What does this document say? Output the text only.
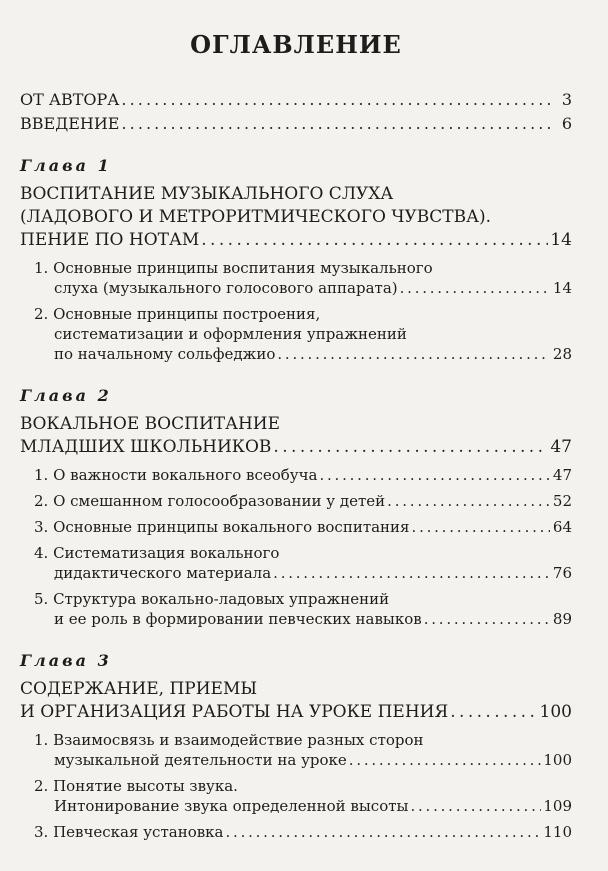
ОГЛАВЛЕНИЕ
ОТ АВТОРА . . .	3
ВВЕДЕНИЕ . . .	6
Глава 1
ВОСПИТАНИЕ МУЗЫКАЛЬНОГО СЛУХА
(ЛАДОВОГО И МЕТРОРИТМИЧЕСКОГО ЧУВСТВА).
ПЕНИЕ ПО НОТАМ . . .	14
1. Основные принципы воспитания музыкального
слуха (музыкального голосового аппарата) . . .	14
2. Основные принципы построения,
систематизации и оформления упражнений
по начальному сольфеджио . . .	28
Глава 2
ВОКАЛЬНОЕ ВОСПИТАНИЕ
МЛАДШИХ ШКОЛЬНИКОВ . . .	47
1. О важности вокального всеобуча . . .	47
2. О смешанном голосообразовании у детей . . .	52
3. Основные принципы вокального воспитания . . .	64
4. Систематизация вокального
дидактического материала . . .	76
5. Структура вокально-ладовых упражнений
и ее роль в формировании певческих навыков . . .	89
Глава 3
СОДЕРЖАНИЕ, ПРИЕМЫ
И ОРГАНИЗАЦИЯ РАБОТЫ НА УРОКЕ ПЕНИЯ . . .	100
1. Взаимосвязь и взаимодействие разных сторон
музыкальной деятельности на уроке . . .	100
2. Понятие высоты звука.
Интонирование звука определенной высоты . . .	109
3. Певческая установка . . .	110
